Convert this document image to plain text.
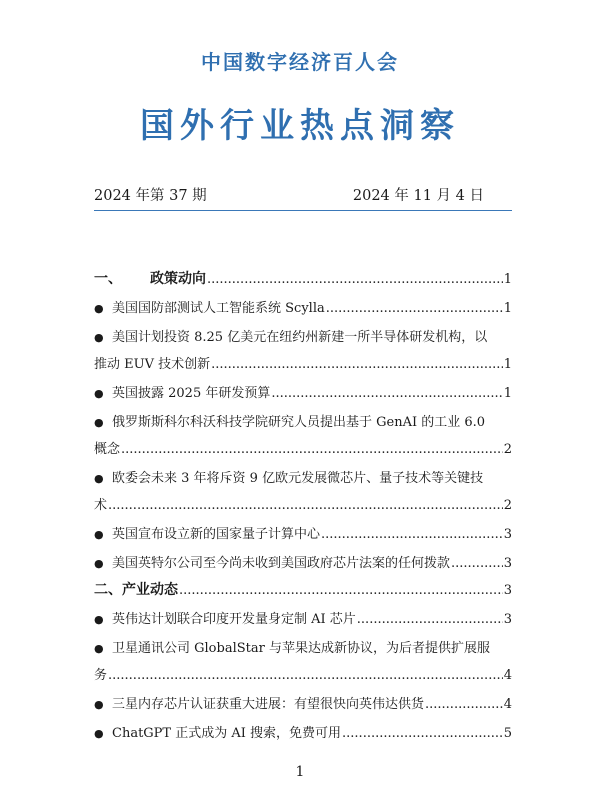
中国数字经济百人会
国外行业热点洞察
2024 年第 37 期	2024 年 11 月 4 日
一、	政策动向 .....	1
● 美国国防部测试人工智能系统 Scylla .....	1
● 美国计划投资 8.25 亿美元在纽约州新建一所半导体研发机构，以
推动 EUV 技术创新 .....	1
● 英国披露 2025 年研发预算 .....	1
● 俄罗斯斯科尔科沃科技学院研究人员提出基于 GenAI 的工业 6.0
概念 .....	2
● 欧委会未来 3 年将斥资 9 亿欧元发展微芯片、量子技术等关键技
术 .....	2
● 英国宣布设立新的国家量子计算中心 .....	3
● 美国英特尔公司至今尚未收到美国政府芯片法案的任何拨款 .....	3
二、 产业动态 .....	3
● 英伟达计划联合印度开发量身定制 AI 芯片 .....	3
● 卫星通讯公司 GlobalStar 与苹果达成新协议，为后者提供扩展服
务 .....	4
● 三星内存芯片认证获重大进展：有望很快向英伟达供货 .....	4
● ChatGPT 正式成为 AI 搜索，免费可用 .....	5
1
